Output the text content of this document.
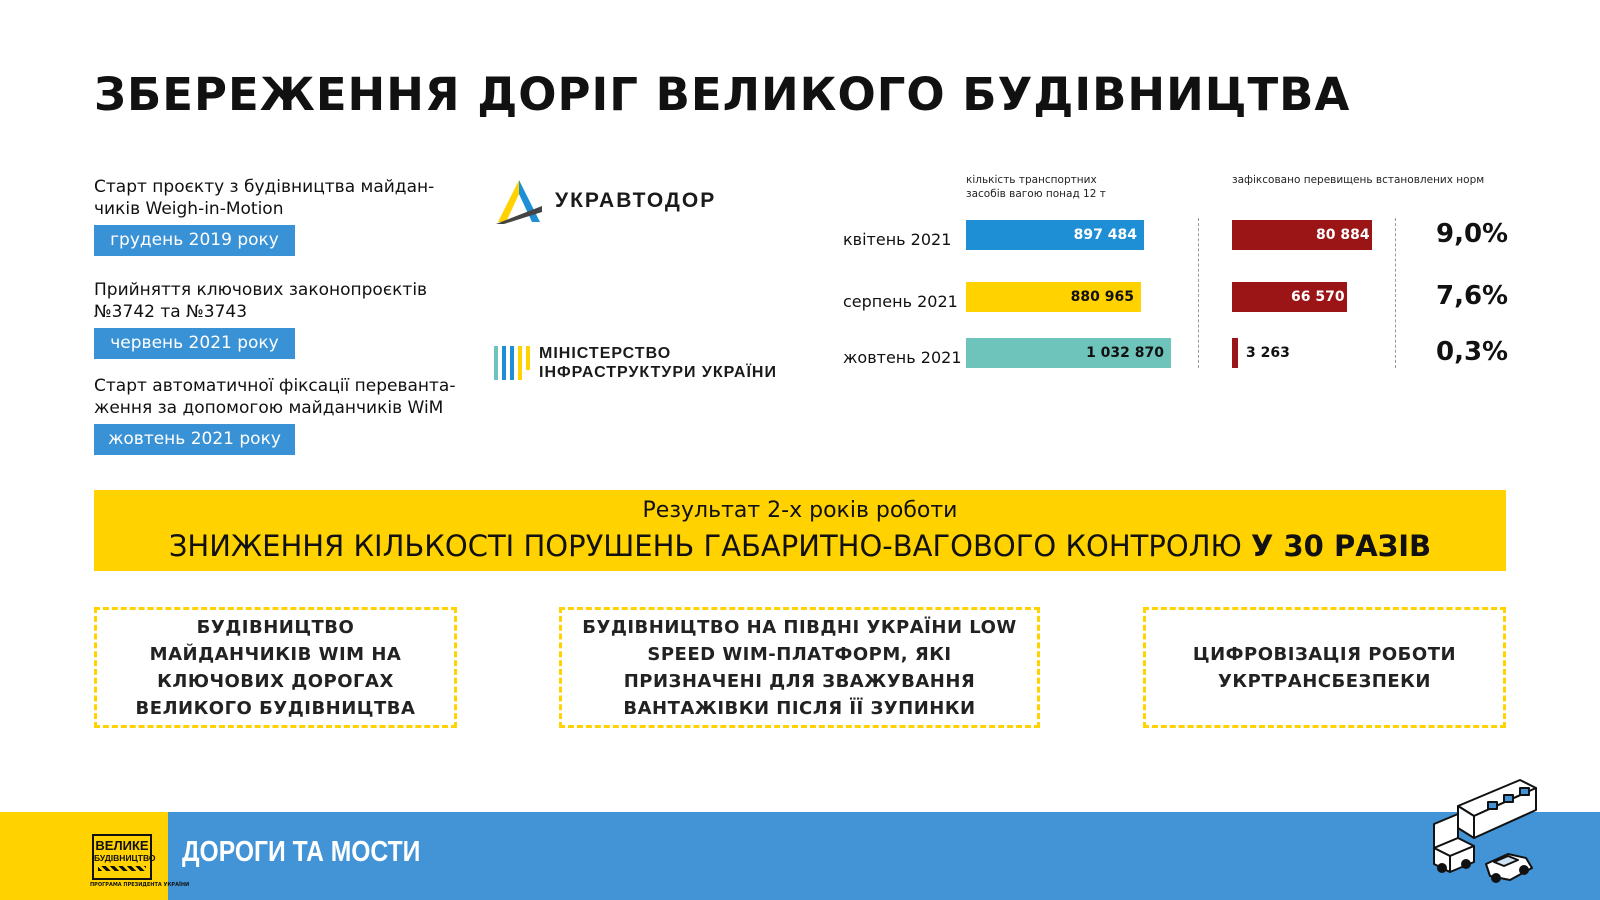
ЗБЕРЕЖЕННЯ ДОРІГ ВЕЛИКОГО БУДІВНИЦТВА
Старт проєкту з будівництва майдан-чиків Weigh-in-Motion
грудень 2019 року
Прийняття ключових законопроєктів №3742 та №3743
червень 2021 року
Старт автоматичної фіксації переванта-ження за допомогою майданчиків WiM
жовтень 2021 року
УКРАВТОДОР
МІНІСТЕРСТВО
ІНФРАСТРУКТУРИ УКРАЇНИ
кількість транспортних засобів вагою понад 12 т
зафіксовано перевищень встановлених норм
квітень 2021	897 484	80 884	9,0%
серпень 2021	880 965	66 570	7,6%
жовтень 2021	1 032 870	3 263	0,3%
Результат 2-х років роботи
ЗНИЖЕННЯ КІЛЬКОСТІ ПОРУШЕНЬ ГАБАРИТНО-ВАГОВОГО КОНТРОЛЮ У 30 РАЗІВ
БУДІВНИЦТВО МАЙДАНЧИКІВ WIM НА КЛЮЧОВИХ ДОРОГАХ ВЕЛИКОГО БУДІВНИЦТВА
БУДІВНИЦТВО НА ПІВДНІ УКРАЇНИ LOW SPEED WIM-ПЛАТФОРМ, ЯКІ ПРИЗНАЧЕНІ ДЛЯ ЗВАЖУВАННЯ ВАНТАЖІВКИ ПІСЛЯ ЇЇ ЗУПИНКИ
ЦИФРОВІЗАЦІЯ РОБОТИ УКРТРАНСБЕЗПЕКИ
ВЕЛИКЕ
БУДІВНИЦТВО
ПРОГРАМА ПРЕЗИДЕНТА УКРАЇНИ
ДОРОГИ ТА МОСТИ
